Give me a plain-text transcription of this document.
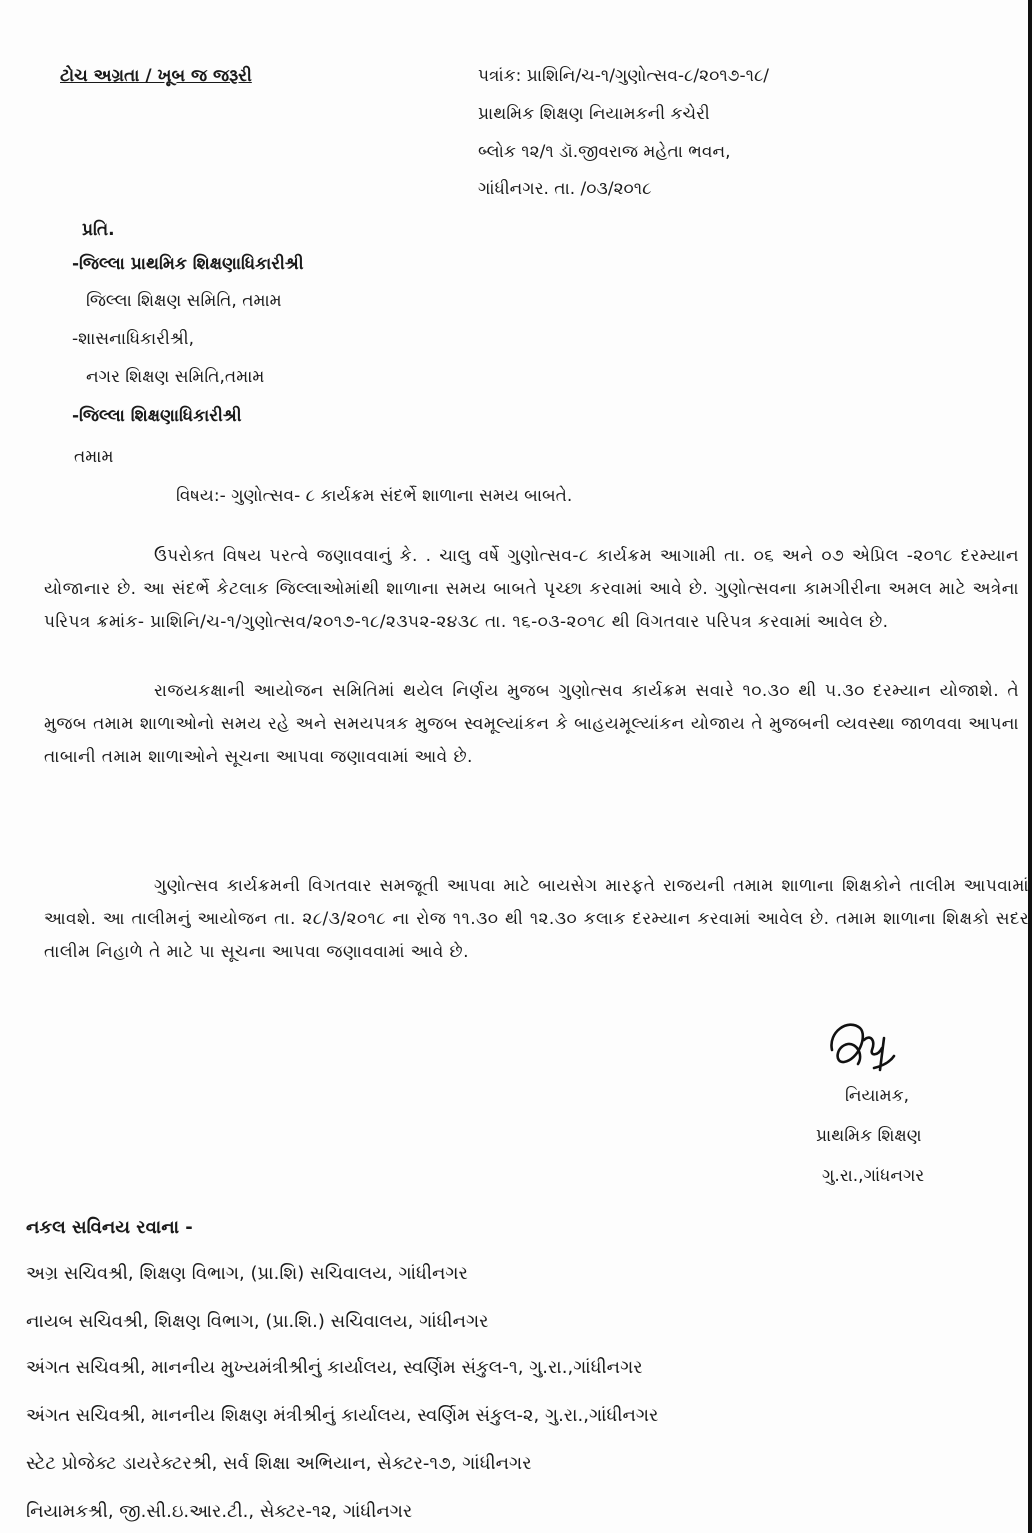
ટોચ અગ્રતા / ખૂબ જ જરૂરી	પત્રાંક: પ્રાશિનિ/ચ-૧/ગુણોત્સવ-૮/૨૦૧૭-૧૮/
પ્રાથમિક શિક્ષણ નિયામકની કચેરી
બ્લોક ૧૨/૧ ડૉ.જીવરાજ મહેતા ભવન,
ગાંધીનગર. તા. /૦૩/૨૦૧૮
પ્રતિ.
-જિલ્લા પ્રાથમિક શિક્ષણાધિકારીશ્રી
જિલ્લા શિક્ષણ સમિતિ, તમામ
-શાસનાધિકારીશ્રી,
નગર શિક્ષણ સમિતિ,તમામ
-જિલ્લા શિક્ષણાધિકારીશ્રી
તમામ
વિષય:- ગુણોત્સવ- ૮ કાર્યક્રમ સંદર્ભે શાળાના સમય બાબતે.
ઉપરોક્ત વિષય પરત્વે જણાવવાનું કે. . ચાલુ વર્ષે ગુણોત્સવ-૮ કાર્યક્રમ આગામી તા. ૦૬ અને ૦૭ એપ્રિલ -૨૦૧૮ દરમ્યાન યોજાનાર છે. આ સંદર્ભે કેટલાક જિલ્લાઓમાંથી શાળાના સમય બાબતે પૃચ્છા કરવામાં આવે છે. ગુણોત્સવના કામગીરીના અમલ માટે અત્રેના પરિપત્ર ક્રમાંક- પ્રાશિનિ/ચ-૧/ગુણોત્સવ/૨૦૧૭-૧૮/૨૩૫૨-૨૪૩૮ તા. ૧૬-૦૩-૨૦૧૮ થી વિગતવાર પરિપત્ર કરવામાં આવેલ છે.
રાજયકક્ષાની આયોજન સમિતિમાં થયેલ નિર્ણય મુજબ ગુણોત્સવ કાર્યક્રમ સવારે ૧૦.૩૦ થી ૫.૩૦ દરમ્યાન યોજાશે. તે મુજબ તમામ શાળાઓનો સમય રહે અને સમયપત્રક મુજબ સ્વમૂલ્યાંકન કે બાહયમૂલ્યાંકન યોજાય તે મુજબની વ્યવસ્થા જાળવવા આપના તાબાની તમામ શાળાઓને સૂચના આપવા જણાવવામાં આવે છે.
ગુણોત્સવ કાર્યક્રમની વિગતવાર સમજૂતી આપવા માટે બાયસેગ મારફતે રાજયની તમામ શાળાના શિક્ષકોને તાલીમ આપવામાં આવશે. આ તાલીમનું આયોજન તા. ૨૮/૩/૨૦૧૮ ના રોજ ૧૧.૩૦ થી ૧૨.૩૦ કલાક દરમ્યાન કરવામાં આવેલ છે. તમામ શાળાના શિક્ષકો સદર તાલીમ નિહાળે તે માટે પા સૂચના આપવા જણાવવામાં આવે છે.
નિયામક,
પ્રાથમિક શિક્ષણ
ગુ.રા.,ગાંધનગર
નકલ સવિનય રવાના -
અગ્ર સચિવશ્રી, શિક્ષણ વિભાગ, (પ્રા.શિ) સચિવાલય, ગાંધીનગર
નાયબ સચિવશ્રી, શિક્ષણ વિભાગ, (પ્રા.શિ.) સચિવાલય, ગાંધીનગર
અંગત સચિવશ્રી, માનનીય મુખ્યમંત્રીશ્રીનું કાર્યાલય, સ્વર્ણિમ સંકુલ-૧, ગુ.રા.,ગાંધીનગર
અંગત સચિવશ્રી, માનનીય શિક્ષણ મંત્રીશ્રીનું કાર્યાલય, સ્વર્ણિમ સંકુલ-૨, ગુ.રા.,ગાંધીનગર
સ્ટેટ પ્રોજેક્ટ ડાયરેક્ટરશ્રી, સર્વ શિક્ષા અભિયાન, સેક્ટર-૧૭, ગાંધીનગર
નિયામકશ્રી, જી.સી.ઇ.આર.ટી., સેક્ટર-૧૨, ગાંધીનગર
